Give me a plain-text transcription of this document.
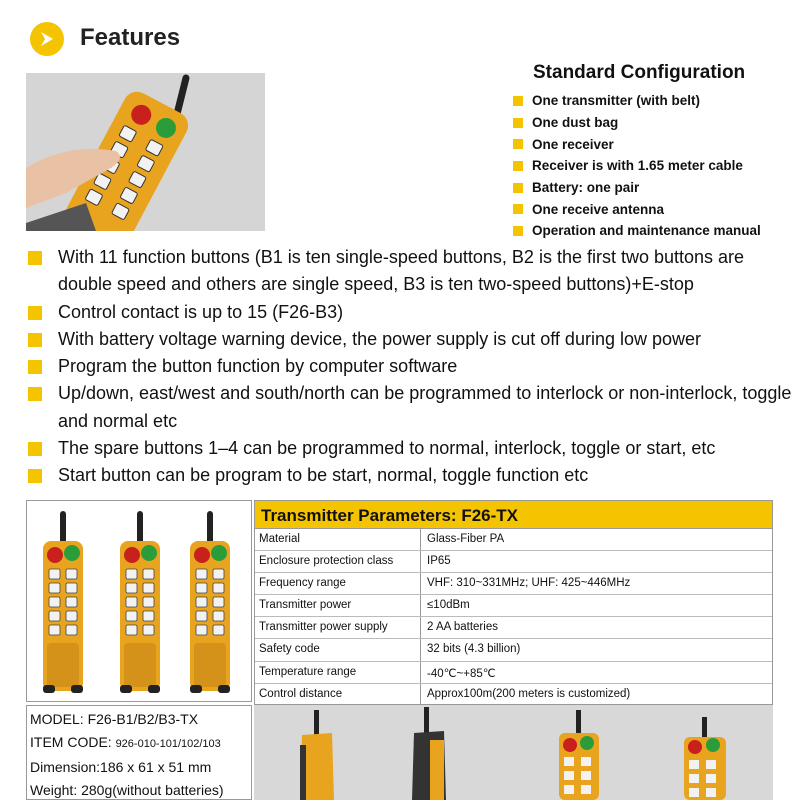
Features
Standard Configuration
One transmitter (with belt)
One dust bag
One receiver
Receiver is with 1.65 meter cable
Battery: one pair
One receive antenna
Operation and maintenance manual
With 11 function buttons (B1 is ten single-speed buttons, B2 is the first two buttons are double speed and others are single speed, B3 is ten two-speed buttons)+E-stop
Control contact is up to 15 (F26-B3)
With battery voltage warning device, the power supply is cut off during low power
Program the button function by computer software
Up/down, east/west and south/north can be programmed to interlock or non-interlock, toggle and normal etc
The spare buttons 1–4 can be programmed to normal, interlock, toggle or start, etc
Start button can be program to be start, normal, toggle function etc
Transmitter Parameters: F26-TX
Material	Glass-Fiber PA
Enclosure protection class	IP65
Frequency range	VHF: 310~331MHz; UHF: 425~446MHz
Transmitter power	≤10dBm
Transmitter power supply	2 AA batteries
Safety code	32 bits (4.3 billion)
Temperature range	-40℃~+85℃
Control distance	Approx100m(200 meters is customized)
MODEL: F26-B1/B2/B3-TX
ITEM CODE: 926-010-101/102/103
Dimension:186 x 61 x 51 mm
Weight: 280g(without batteries)
